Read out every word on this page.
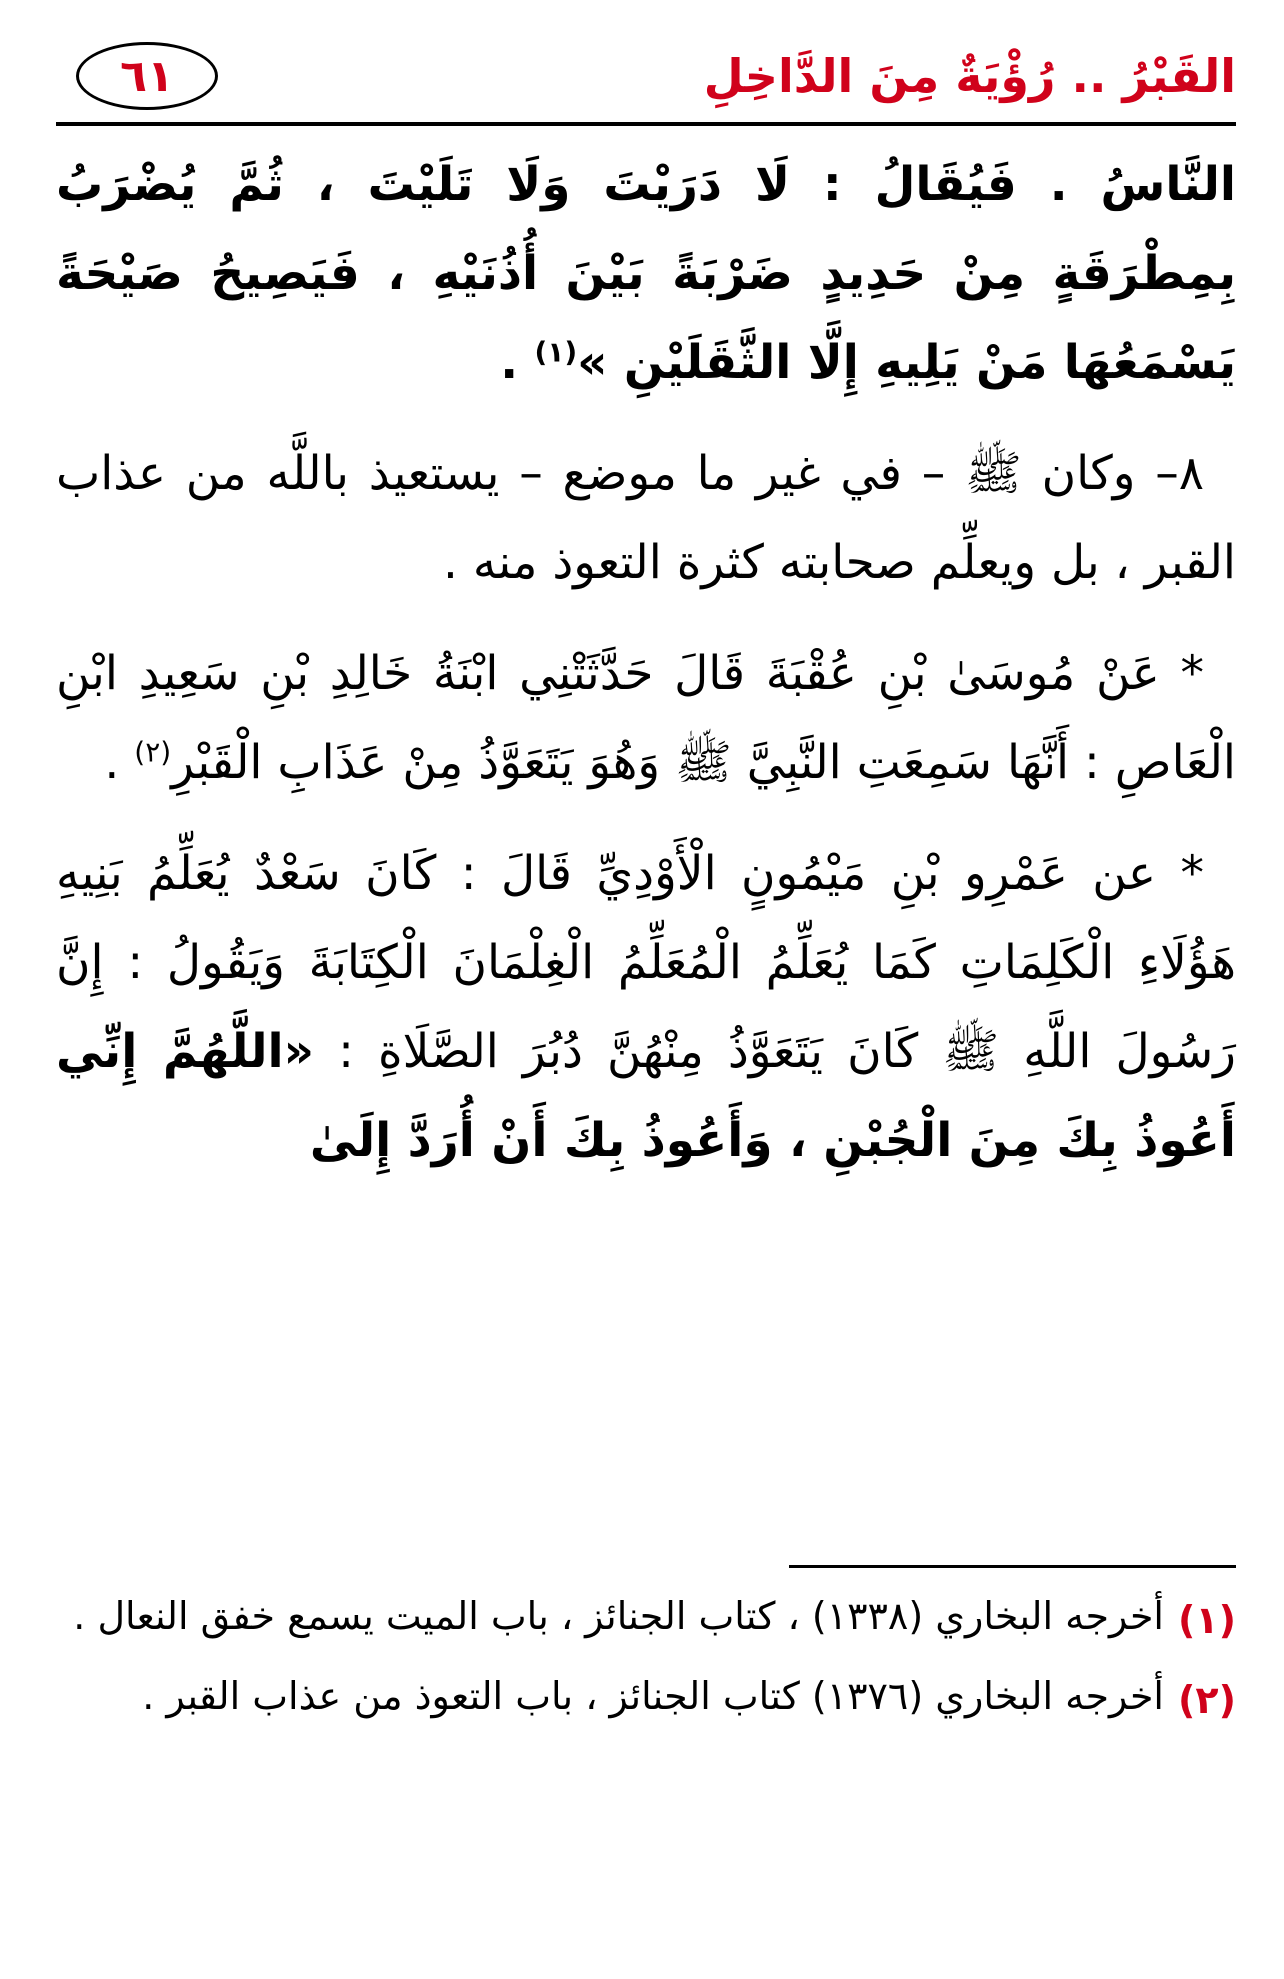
٦١	القَبْرُ .. رُؤْيَةٌ مِنَ الدَّاخِلِ

النَّاسُ . فَيُقَالُ : لَا دَرَيْتَ وَلَا تَلَيْتَ ، ثُمَّ يُضْرَبُ بِمِطْرَقَةٍ مِنْ حَدِيدٍ ضَرْبَةً بَيْنَ أُذُنَيْهِ ، فَيَصِيحُ صَيْحَةً يَسْمَعُهَا مَنْ يَلِيهِ إِلَّا الثَّقَلَيْنِ »$^{(١)}$ .

٨– وكان ﷺ – في غير ما موضع – يستعيذ باللَّه من عذاب القبر ، بل ويعلِّم صحابته كثرة التعوذ منه .

* عَنْ مُوسَىٰ بْنِ عُقْبَةَ قَالَ حَدَّثَتْنِي ابْنَةُ خَالِدِ بْنِ سَعِيدِ ابْنِ الْعَاصِ : أَنَّهَا سَمِعَتِ النَّبِيَّ ﷺ وَهُوَ يَتَعَوَّذُ مِنْ عَذَابِ الْقَبْرِ$^{(٢)}$ .

* عن عَمْرِو بْنِ مَيْمُونٍ الْأَوْدِيِّ قَالَ : كَانَ سَعْدٌ يُعَلِّمُ بَنِيهِ هَؤُلَاءِ الْكَلِمَاتِ كَمَا يُعَلِّمُ الْمُعَلِّمُ الْغِلْمَانَ الْكِتَابَةَ وَيَقُولُ : إِنَّ رَسُولَ اللَّهِ ﷺ كَانَ يَتَعَوَّذُ مِنْهُنَّ دُبُرَ الصَّلَاةِ : «اللَّهُمَّ إِنِّي أَعُوذُ بِكَ مِنَ الْجُبْنِ ، وَأَعُوذُ بِكَ أَنْ أُرَدَّ إِلَىٰ

(١)
أخرجه البخاري (١٣٣٨) ، كتاب الجنائز ، باب الميت يسمع خفق النعال .

(٢)
أخرجه البخاري (١٣٧٦) كتاب الجنائز ، باب التعوذ من عذاب القبر .
